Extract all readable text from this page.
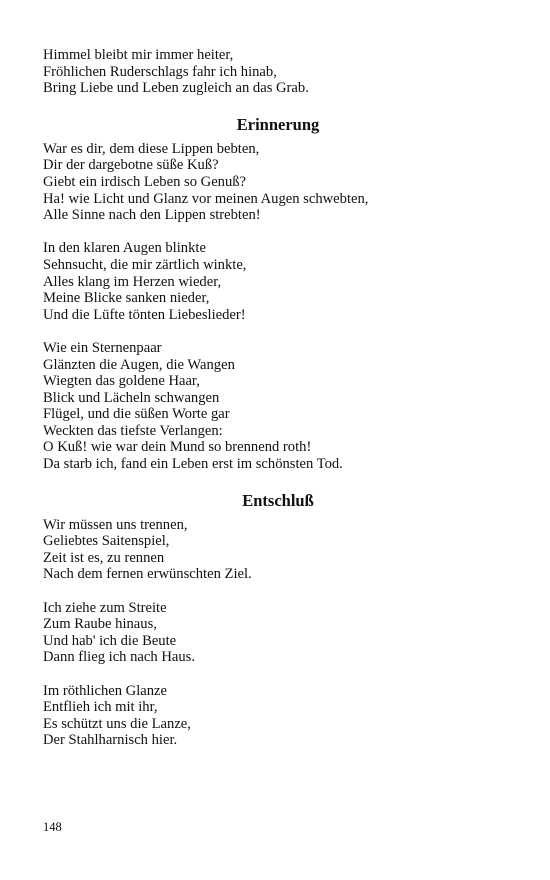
Himmel bleibt mir immer heiter,
Fröhlichen Ruderschlags fahr ich hinab,
Bring Liebe und Leben zugleich an das Grab.
Erinnerung
War es dir, dem diese Lippen bebten,
Dir der dargebotne süße Kuß?
Giebt ein irdisch Leben so Genuß?
Ha! wie Licht und Glanz vor meinen Augen schwebten,
Alle Sinne nach den Lippen strebten!
In den klaren Augen blinkte
Sehnsucht, die mir zärtlich winkte,
Alles klang im Herzen wieder,
Meine Blicke sanken nieder,
Und die Lüfte tönten Liebeslieder!
Wie ein Sternenpaar
Glänzten die Augen, die Wangen
Wiegten das goldene Haar,
Blick und Lächeln schwangen
Flügel, und die süßen Worte gar
Weckten das tiefste Verlangen:
O Kuß! wie war dein Mund so brennend roth!
Da starb ich, fand ein Leben erst im schönsten Tod.
Entschluß
Wir müssen uns trennen,
Geliebtes Saitenspiel,
Zeit ist es, zu rennen
Nach dem fernen erwünschten Ziel.
Ich ziehe zum Streite
Zum Raube hinaus,
Und hab' ich die Beute
Dann flieg ich nach Haus.
Im röthlichen Glanze
Entflieh ich mit ihr,
Es schützt uns die Lanze,
Der Stahlharnisch hier.
148
